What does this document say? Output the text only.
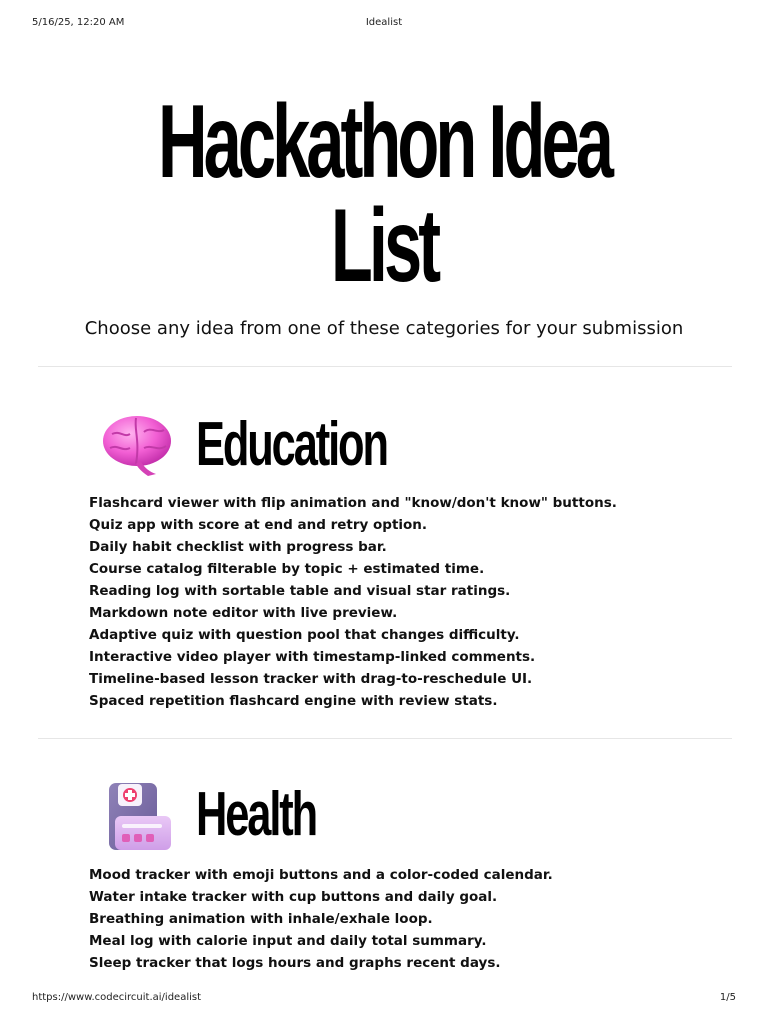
5/16/25, 12:20 AM	Idealist
Hackathon Idea
List

Choose any idea from one of these categories for your submission

Education
Flashcard viewer with flip animation and "know/don't know" buttons.
Quiz app with score at end and retry option.
Daily habit checklist with progress bar.
Course catalog filterable by topic + estimated time.
Reading log with sortable table and visual star ratings.
Markdown note editor with live preview.
Adaptive quiz with question pool that changes difficulty.
Interactive video player with timestamp-linked comments.
Timeline-based lesson tracker with drag-to-reschedule UI.
Spaced repetition flashcard engine with review stats.
Health
Mood tracker with emoji buttons and a color-coded calendar.
Water intake tracker with cup buttons and daily goal.
Breathing animation with inhale/exhale loop.
Meal log with calorie input and daily total summary.
Sleep tracker that logs hours and graphs recent days.
https://www.codecircuit.ai/idealist	1/5
